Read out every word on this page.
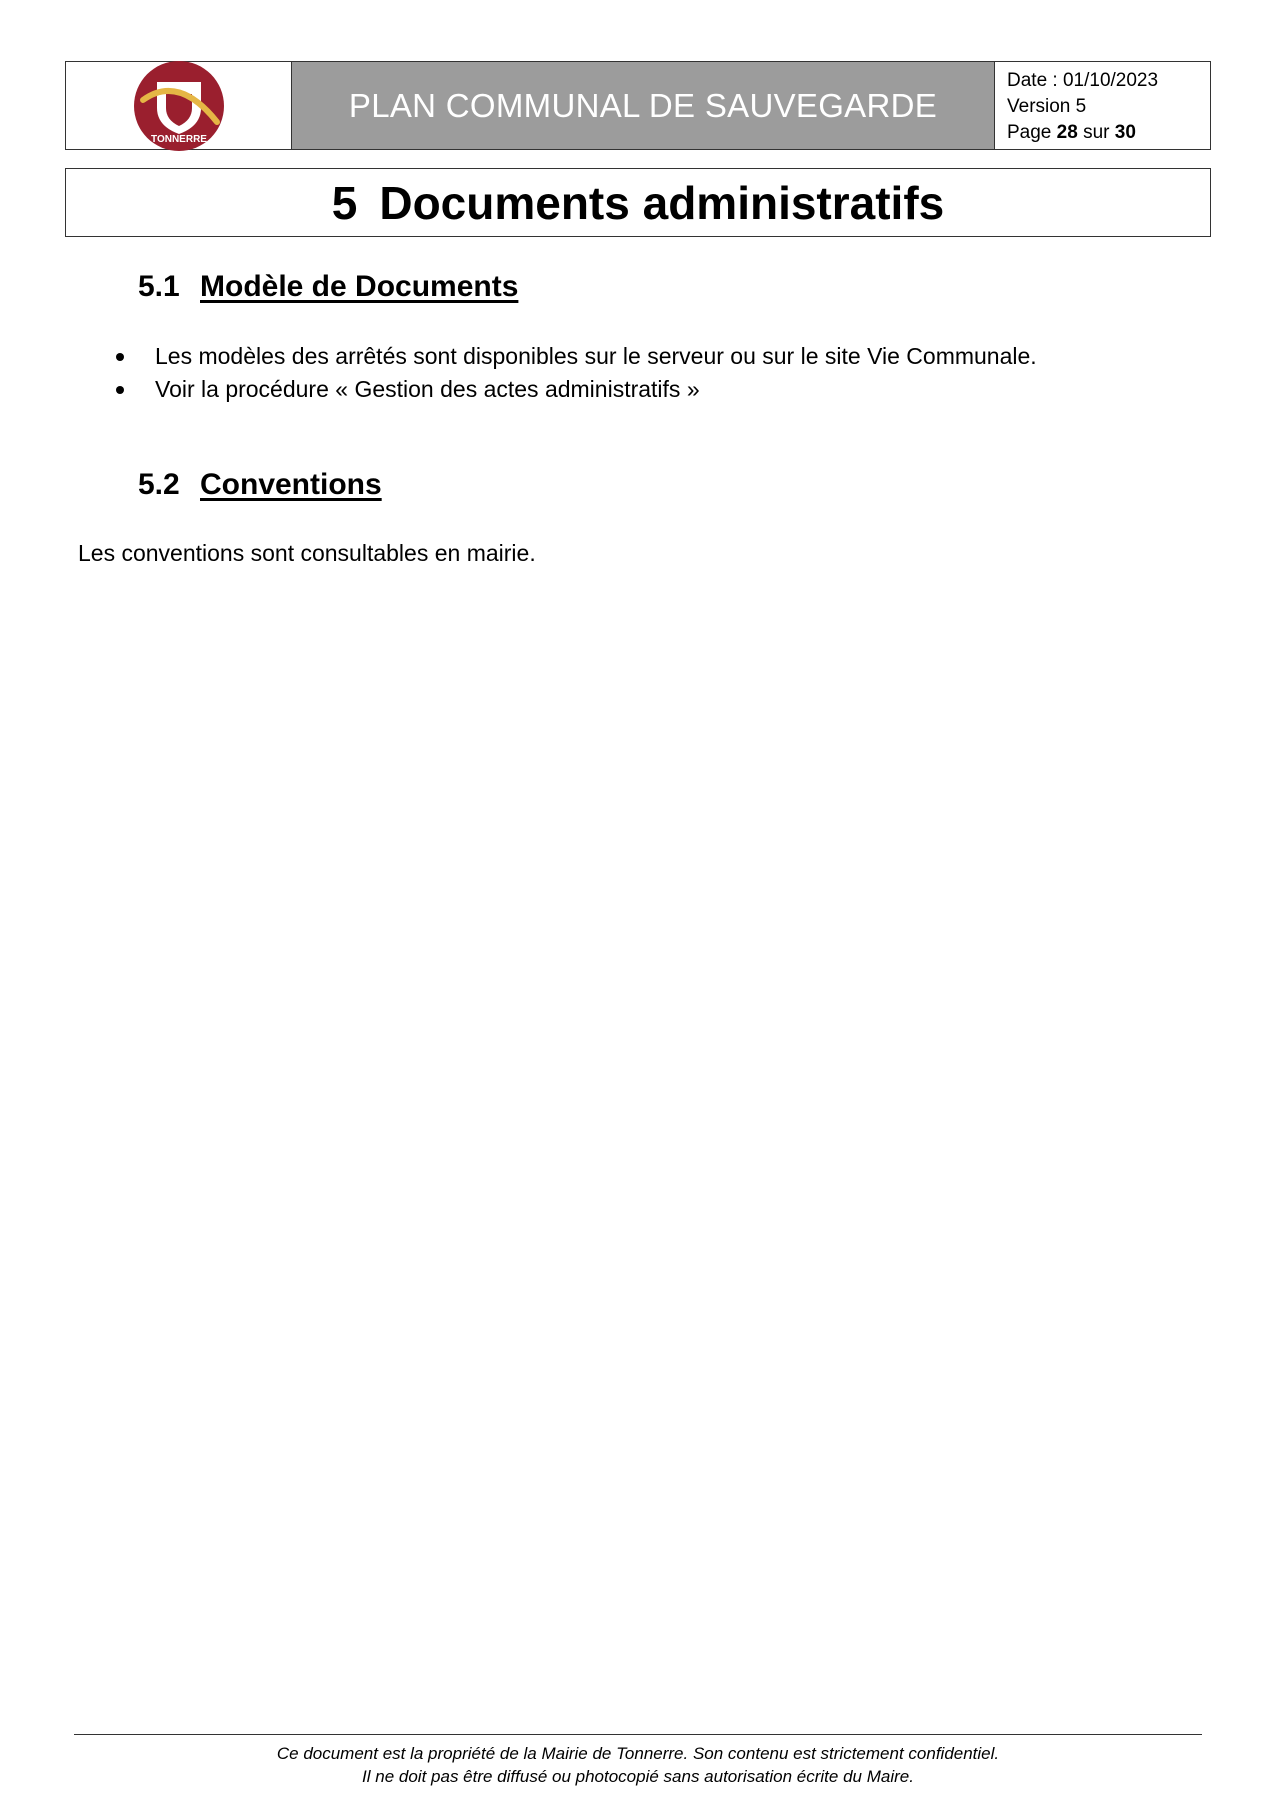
TONNERRE
PLAN COMMUNAL DE SAUVEGARDE
Date : 01/10/2023
Version 5
Page 28 sur 30
5 Documents administratifs
5.1 Modèle de Documents
Les modèles des arrêtés sont disponibles sur le serveur ou sur le site Vie Communale.
Voir la procédure « Gestion des actes administratifs »
5.2 Conventions
Les conventions sont consultables en mairie.
Ce document est la propriété de la Mairie de Tonnerre. Son contenu est strictement confidentiel.
Il ne doit pas être diffusé ou photocopié sans autorisation écrite du Maire.
